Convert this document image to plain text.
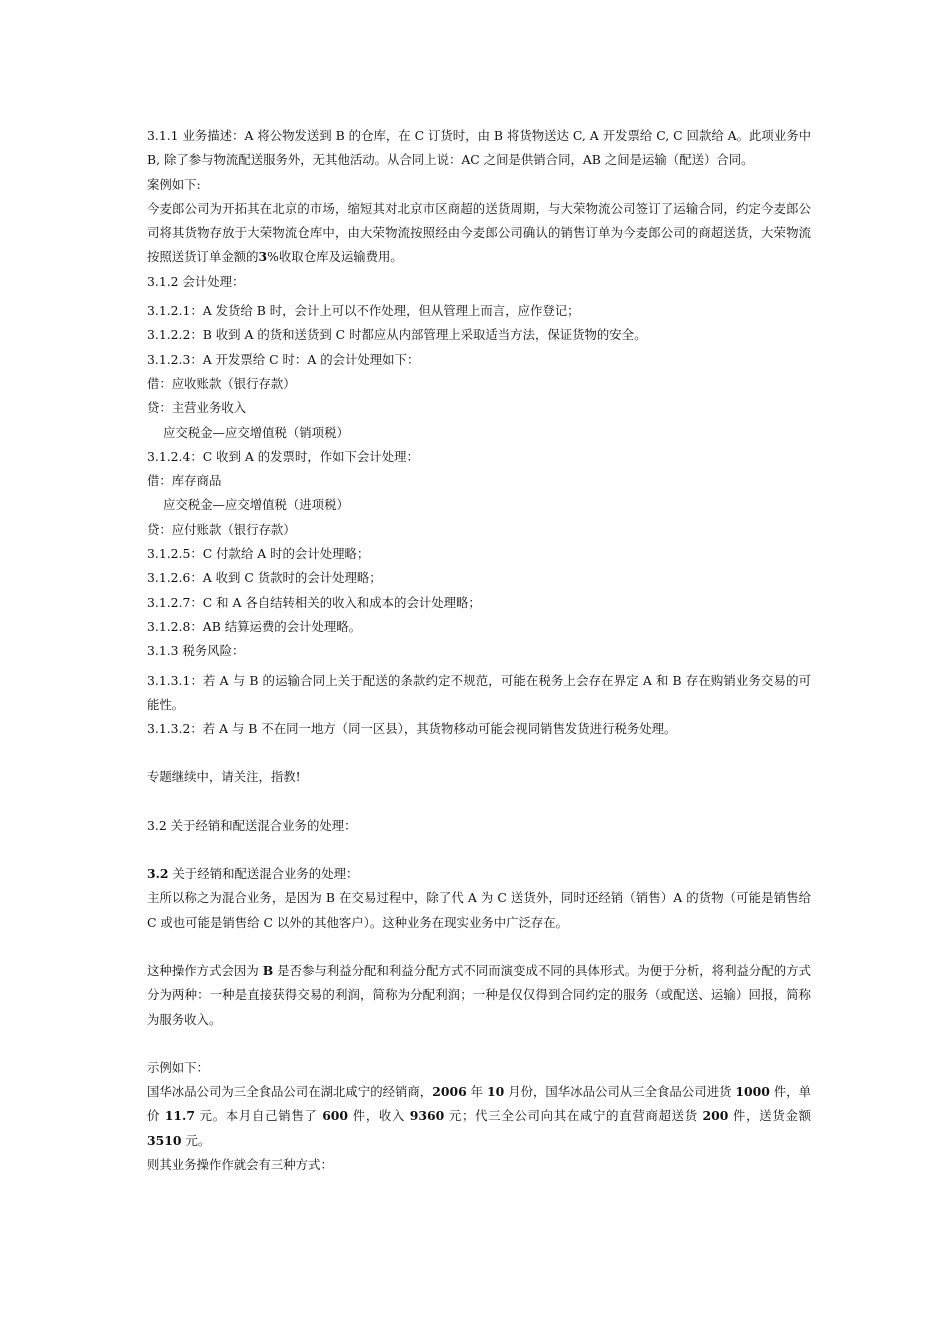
3.1.1 业务描述：A 将公物发送到 B 的仓库，在 C 订货时，由 B 将货物送达 C, A 开发票给 C, C 回款给 A。此项业务中 B, 除了参与物流配送服务外，无其他活动。从合同上说：AC 之间是供销合同，AB 之间是运输（配送）合同。

案例如下:

今麦郎公司为开拓其在北京的市场，缩短其对北京市区商超的送货周期，与大荣物流公司签订了运输合同，约定今麦郎公司将其货物存放于大荣物流仓库中，由大荣物流按照经由今麦郎公司确认的销售订单为今麦郎公司的商超送货，大荣物流按照送货订单金额的3%收取仓库及运输费用。

3.1.2 会计处理：

3.1.2.1：A 发货给 B 时，会计上可以不作处理，但从管理上而言，应作登记；

3.1.2.2：B 收到 A 的货和送货到 C 时都应从内部管理上采取适当方法，保证货物的安全。

3.1.2.3：A 开发票给 C 时：A 的会计处理如下：

借：应收账款（银行存款）

贷：主营业务收入

应交税金—应交增值税（销项税）

3.1.2.4：C 收到 A 的发票时，作如下会计处理：

借：库存商品

应交税金—应交增值税（进项税）

贷：应付账款（银行存款）

3.1.2.5：C 付款给 A 时的会计处理略；

3.1.2.6：A 收到 C 货款时的会计处理略；

3.1.2.7：C 和 A 各自结转相关的收入和成本的会计处理略；

3.1.2.8：AB 结算运费的会计处理略。

3.1.3 税务风险：

3.1.3.1：若 A 与 B 的运输合同上关于配送的条款约定不规范，可能在税务上会存在界定 A 和 B 存在购销业务交易的可能性。

3.1.3.2：若 A 与 B 不在同一地方（同一区县），其货物移动可能会视同销售发货进行税务处理。

专题继续中，请关注，指教!

3.2 关于经销和配送混合业务的处理：

3.2 关于经销和配送混合业务的处理：

主所以称之为混合业务，是因为 B 在交易过程中，除了代 A 为 C 送货外，同时还经销（销售）A 的货物（可能是销售给 C 或也可能是销售给 C 以外的其他客户）。这种业务在现实业务中广泛存在。

这种操作方式会因为 B 是否参与利益分配和利益分配方式不同而演变成不同的具体形式。为便于分析，将利益分配的方式分为两种：一种是直接获得交易的利润，简称为分配利润；一种是仅仅得到合同约定的服务（或配送、运输）回报，简称为服务收入。

示例如下：

国华冰品公司为三全食品公司在湖北咸宁的经销商，2006 年 10 月份，国华冰品公司从三全食品公司进货 1000 件，单价 11.7 元。本月自己销售了 600 件，收入 9360 元；代三全公司向其在咸宁的直营商超送货 200 件，送货金额 3510 元。

则其业务操作作就会有三种方式：
